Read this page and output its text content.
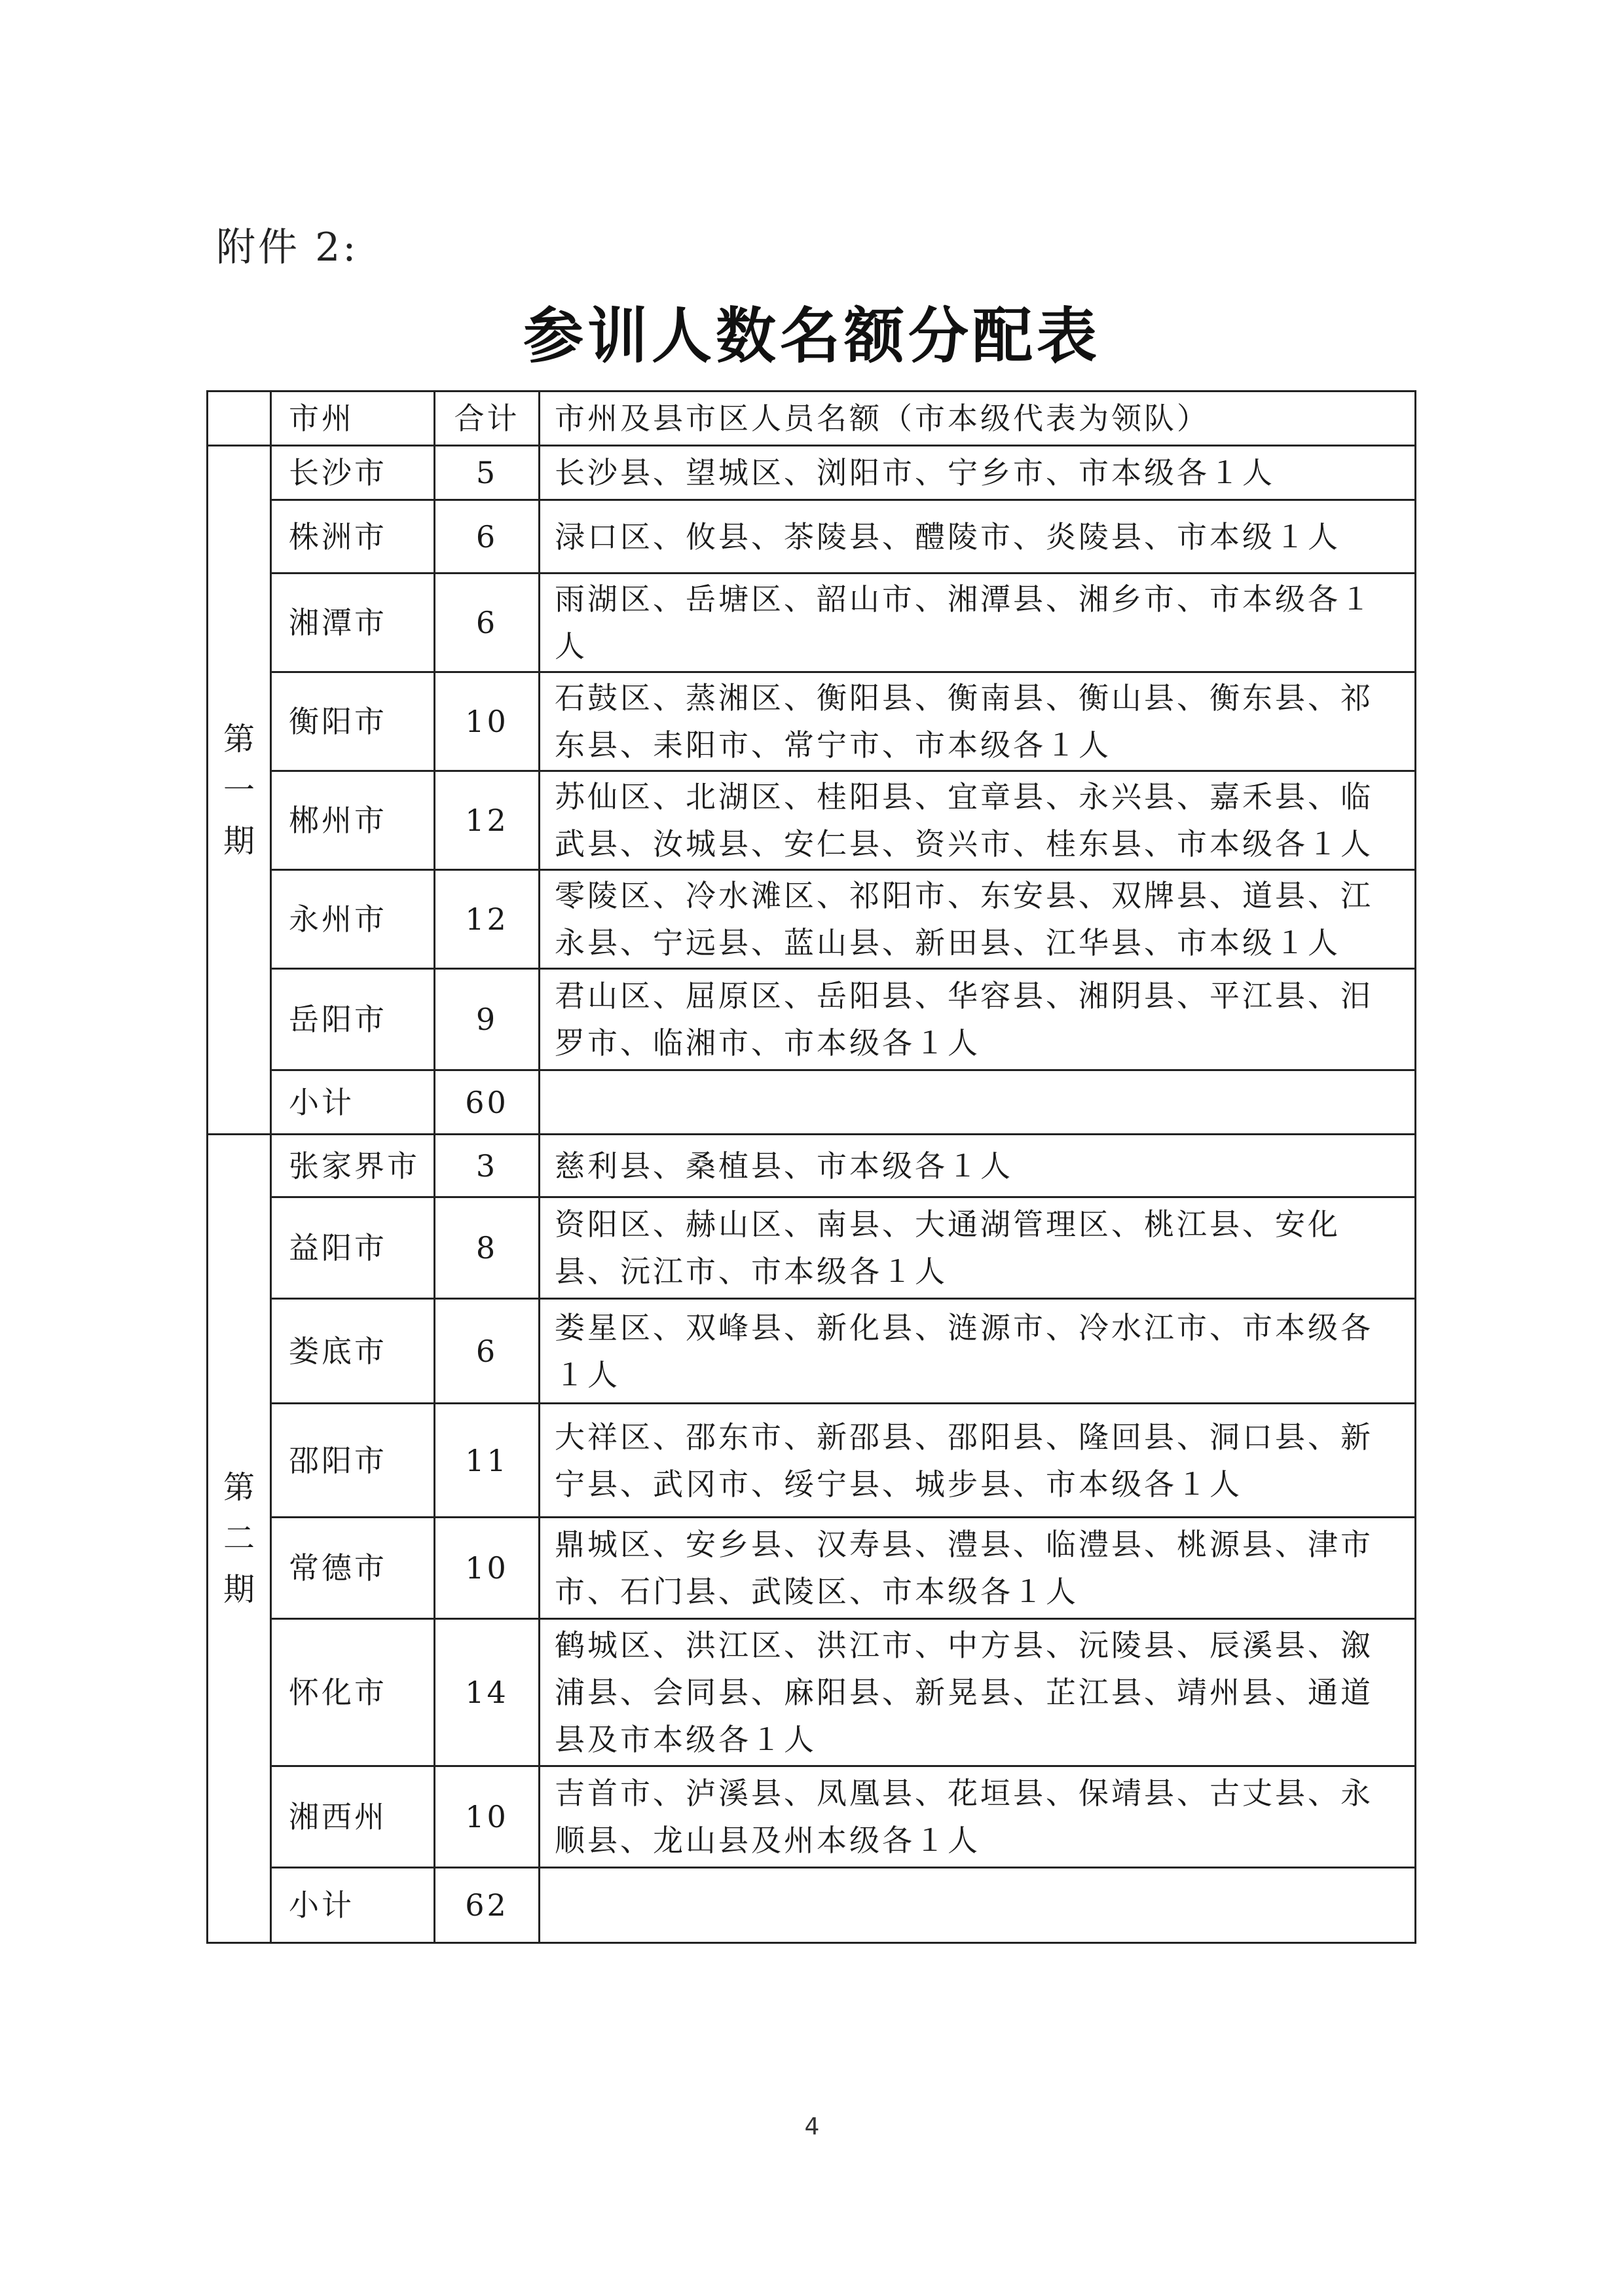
附件 2:
参训人数名额分配表
	市州	合计	市州及县市区人员名额（市本级代表为领队）
第一期	长沙市	5	长沙县、望城区、浏阳市、宁乡市、市本级各１人
	株洲市	6	渌口区、攸县、茶陵县、醴陵市、炎陵县、市本级１人
	湘潭市	6	雨湖区、岳塘区、韶山市、湘潭县、湘乡市、市本级各１人
	衡阳市	10	石鼓区、蒸湘区、衡阳县、衡南县、衡山县、衡东县、祁东县、耒阳市、常宁市、市本级各１人
	郴州市	12	苏仙区、北湖区、桂阳县、宜章县、永兴县、嘉禾县、临武县、汝城县、安仁县、资兴市、桂东县、市本级各１人
	永州市	12	零陵区、冷水滩区、祁阳市、东安县、双牌县、道县、江永县、宁远县、蓝山县、新田县、江华县、市本级１人
	岳阳市	9	君山区、屈原区、岳阳县、华容县、湘阴县、平江县、汨罗市、临湘市、市本级各１人
	小计	60	
第二期	张家界市	3	慈利县、桑植县、市本级各１人
	益阳市	8	资阳区、赫山区、南县、大通湖管理区、桃江县、安化县、沅江市、市本级各１人
	娄底市	6	娄星区、双峰县、新化县、涟源市、冷水江市、市本级各１人
	邵阳市	11	大祥区、邵东市、新邵县、邵阳县、隆回县、洞口县、新宁县、武冈市、绥宁县、城步县、市本级各１人
	常德市	10	鼎城区、安乡县、汉寿县、澧县、临澧县、桃源县、津市市、石门县、武陵区、市本级各１人
	怀化市	14	鹤城区、洪江区、洪江市、中方县、沅陵县、辰溪县、溆浦县、会同县、麻阳县、新晃县、芷江县、靖州县、通道县及市本级各１人
	湘西州	10	吉首市、泸溪县、凤凰县、花垣县、保靖县、古丈县、永顺县、龙山县及州本级各１人
	小计	62	
4
